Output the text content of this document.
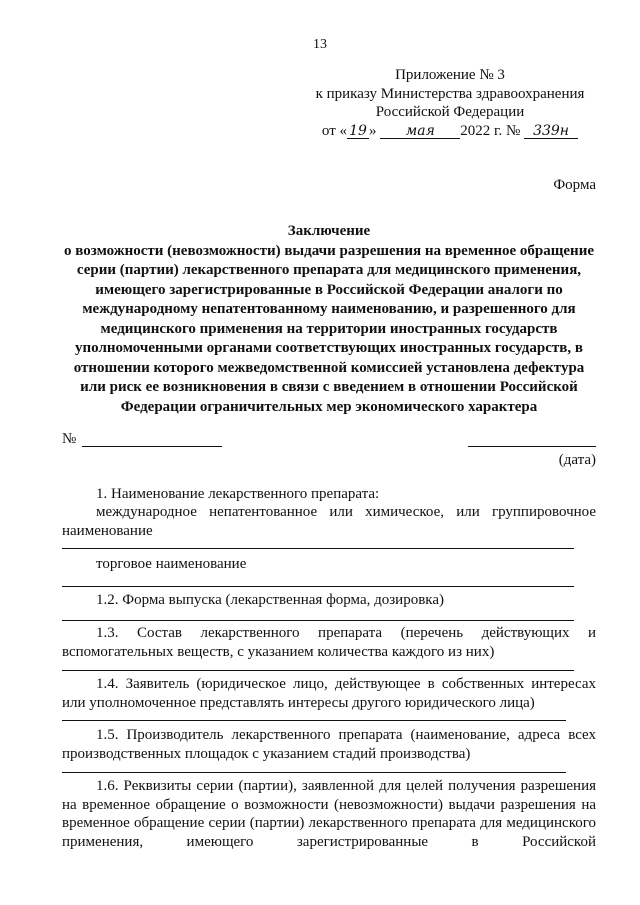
13
Приложение № 3
к приказу Министерства здравоохранения
Российской Федерации
от « 19 » мая 2022 г. № 339н
Форма
Заключение
о возможности (невозможности) выдачи разрешения на временное обращение серии (партии) лекарственного препарата для медицинского применения, имеющего зарегистрированные в Российской Федерации аналоги по международному непатентованному наименованию, и разрешенного для медицинского применения на территории иностранных государств уполномоченными органами соответствующих иностранных государств, в отношении которого межведомственной комиссией установлена дефектура или риск ее возникновения в связи с введением в отношении Российской Федерации ограничительных мер экономического характера
№
(дата)
1. Наименование лекарственного препарата:
международное непатентованное или химическое, или группировочное наименование
торговое наименование
1.2. Форма выпуска (лекарственная форма, дозировка)
1.3. Состав лекарственного препарата (перечень действующих и вспомогательных веществ, с указанием количества каждого из них)
1.4. Заявитель (юридическое лицо, действующее в собственных интересах или уполномоченное представлять интересы другого юридического лица)
1.5. Производитель лекарственного препарата (наименование, адреса всех производственных площадок с указанием стадий производства)
1.6. Реквизиты серии (партии), заявленной для целей получения разрешения на временное обращение о возможности (невозможности) выдачи разрешения на временное обращение серии (партии) лекарственного препарата для медицинского применения, имеющего зарегистрированные в Российской
